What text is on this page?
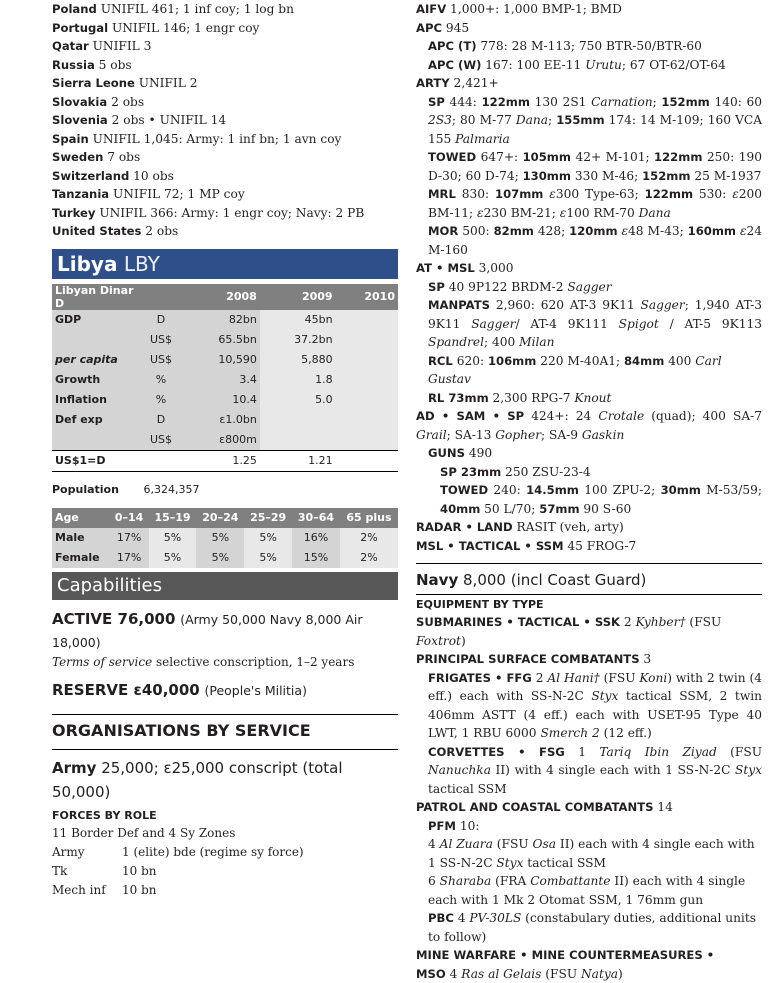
Poland UNIFIL 461; 1 inf coy; 1 log bn
Portugal UNIFIL 146; 1 engr coy
Qatar UNIFIL 3
Russia 5 obs
Sierra Leone UNIFIL 2
Slovakia 2 obs
Slovenia 2 obs • UNIFIL 14
Spain UNIFIL 1,045: Army: 1 inf bn; 1 avn coy
Sweden 7 obs
Switzerland 10 obs
Tanzania UNIFIL 72; 1 MP coy
Turkey UNIFIL 366: Army: 1 engr coy; Navy: 2 PB
United States 2 obs
Libya LBY
Libyan Dinar D		2008	2009	2010
GDP	D	82bn	45bn	
	US$	65.5bn	37.2bn	
per capita	US$	10,590	5,880	
Growth	%	3.4	1.8	
Inflation	%	10.4	5.0	
Def exp	D	ε1.0bn		
	US$	ε800m		
US$1=D		1.25	1.21	
Population 6,324,357
Age	0–14	15–19	20–24	25–29	30–64	65 plus
Male	17%	5%	5%	5%	16%	2%
Female	17%	5%	5%	5%	15%	2%
Capabilities
ACTIVE 76,000 (Army 50,000 Navy 8,000 Air 18,000)
Terms of service selective conscription, 1–2 years
RESERVE ε40,000 (People's Militia)
ORGANISATIONS BY SERVICE
Army 25,000; ε25,000 conscript (total 50,000)
FORCES BY ROLE
11 Border Def and 4 Sy Zones
Army	1 (elite) bde (regime sy force)
Tk	10 bn
Mech inf 10 bn
AIFV 1,000+: 1,000 BMP-1; BMD
APC 945
APC (T) 778: 28 M-113; 750 BTR-50/BTR-60
APC (W) 167: 100 EE-11 Urutu; 67 OT-62/OT-64
ARTY 2,421+
SP 444: 122mm 130 2S1 Carnation; 152mm 140: 60 2S3; 80 M-77 Dana; 155mm 174: 14 M-109; 160 VCA 155 Palmaria
TOWED 647+: 105mm 42+ M-101; 122mm 250: 190 D-30; 60 D-74; 130mm 330 M-46; 152mm 25 M-1937
MRL 830: 107mm ε300 Type-63; 122mm 530: ε200 BM-11; ε230 BM-21; ε100 RM-70 Dana
MOR 500: 82mm 428; 120mm ε48 M-43; 160mm ε24 M-160
AT • MSL 3,000
SP 40 9P122 BRDM-2 Sagger
MANPATS 2,960: 620 AT-3 9K11 Sagger; 1,940 AT-3 9K11 Sagger/ AT-4 9K111 Spigot / AT-5 9K113 Spandrel; 400 Milan
RCL 620: 106mm 220 M-40A1; 84mm 400 Carl Gustav
RL 73mm 2,300 RPG-7 Knout
AD • SAM • SP 424+: 24 Crotale (quad); 400 SA-7 Grail; SA-13 Gopher; SA-9 Gaskin
GUNS 490
SP 23mm 250 ZSU-23-4
TOWED 240: 14.5mm 100 ZPU-2; 30mm M-53/59; 40mm 50 L/70; 57mm 90 S-60
RADAR • LAND RASIT (veh, arty)
MSL • TACTICAL • SSM 45 FROG-7
Navy 8,000 (incl Coast Guard)
EQUIPMENT BY TYPE
SUBMARINES • TACTICAL • SSK 2 Kyhber† (FSU Foxtrot)
PRINCIPAL SURFACE COMBATANTS 3
FRIGATES • FFG 2 Al Hani† (FSU Koni) with 2 twin (4 eff.) each with SS-N-2C Styx tactical SSM, 2 twin 406mm ASTT (4 eff.) each with USET-95 Type 40 LWT, 1 RBU 6000 Smerch 2 (12 eff.)
CORVETTES • FSG 1 Tariq Ibin Ziyad (FSU Nanuchka II) with 4 single each with 1 SS-N-2C Styx tactical SSM
PATROL AND COASTAL COMBATANTS 14
PFM 10:
4 Al Zuara (FSU Osa II) each with 4 single each with 1 SS-N-2C Styx tactical SSM
6 Sharaba (FRA Combattante II) each with 4 single each with 1 Mk 2 Otomat SSM, 1 76mm gun
PBC 4 PV-30LS (constabulary duties, additional units to follow)
MINE WARFARE • MINE COUNTERMEASURES •
MSO 4 Ras al Gelais (FSU Natya)
